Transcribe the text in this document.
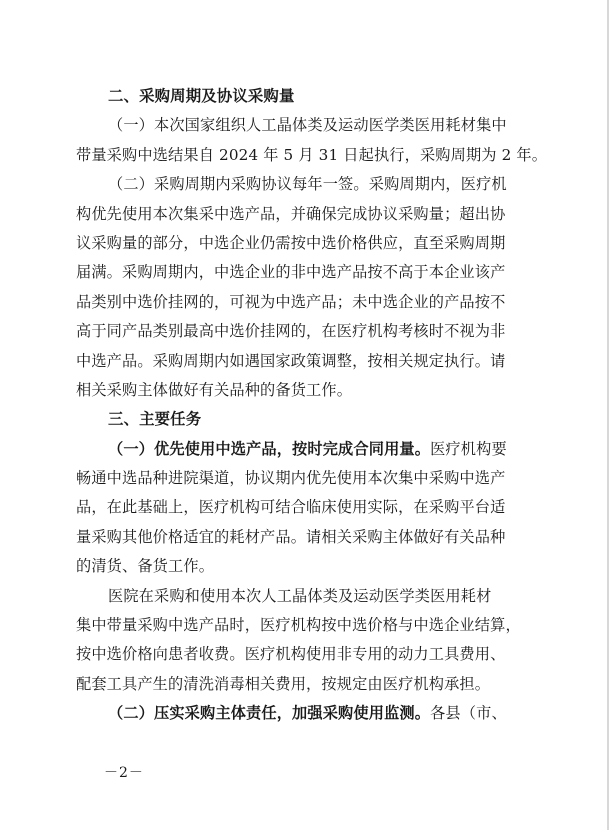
二、采购周期及协议采购量
（一）本次国家组织人工晶体类及运动医学类医用耗材集中
带量采购中选结果自 2024 年 5 月 31 日起执行，采购周期为 2 年。
（二）采购周期内采购协议每年一签。采购周期内，医疗机
构优先使用本次集采中选产品，并确保完成协议采购量；超出协
议采购量的部分，中选企业仍需按中选价格供应，直至采购周期
届满。采购周期内，中选企业的非中选产品按不高于本企业该产
品类别中选价挂网的，可视为中选产品；未中选企业的产品按不
高于同产品类别最高中选价挂网的，在医疗机构考核时不视为非
中选产品。采购周期内如遇国家政策调整，按相关规定执行。请
相关采购主体做好有关品种的备货工作。
三、主要任务
（一）优先使用中选产品，按时完成合同用量。医疗机构要
畅通中选品种进院渠道，协议期内优先使用本次集中采购中选产
品，在此基础上，医疗机构可结合临床使用实际，在采购平台适
量采购其他价格适宜的耗材产品。请相关采购主体做好有关品种
的清货、备货工作。
医院在采购和使用本次人工晶体类及运动医学类医用耗材
集中带量采购中选产品时，医疗机构按中选价格与中选企业结算，
按中选价格向患者收费。医疗机构使用非专用的动力工具费用、
配套工具产生的清洗消毒相关费用，按规定由医疗机构承担。
（二）压实采购主体责任，加强采购使用监测。各县（市、
－2－
